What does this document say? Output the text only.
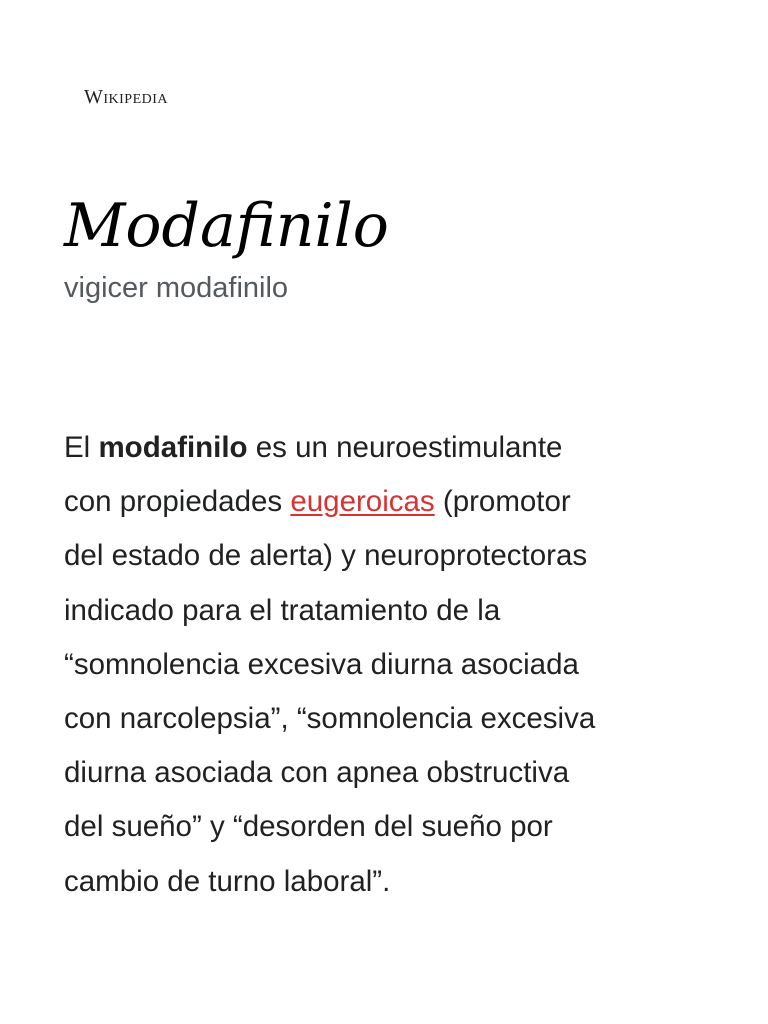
Wikipedia
Modafinilo
vigicer modafinilo

El modafinilo es un neuroestimulante
con propiedades eugeroicas (promotor
del estado de alerta) y neuroprotectoras
indicado para el tratamiento de la
“somnolencia excesiva diurna asociada
con narcolepsia”, “somnolencia excesiva
diurna asociada con apnea obstructiva
del sueño” y “desorden del sueño por
cambio de turno laboral”.
